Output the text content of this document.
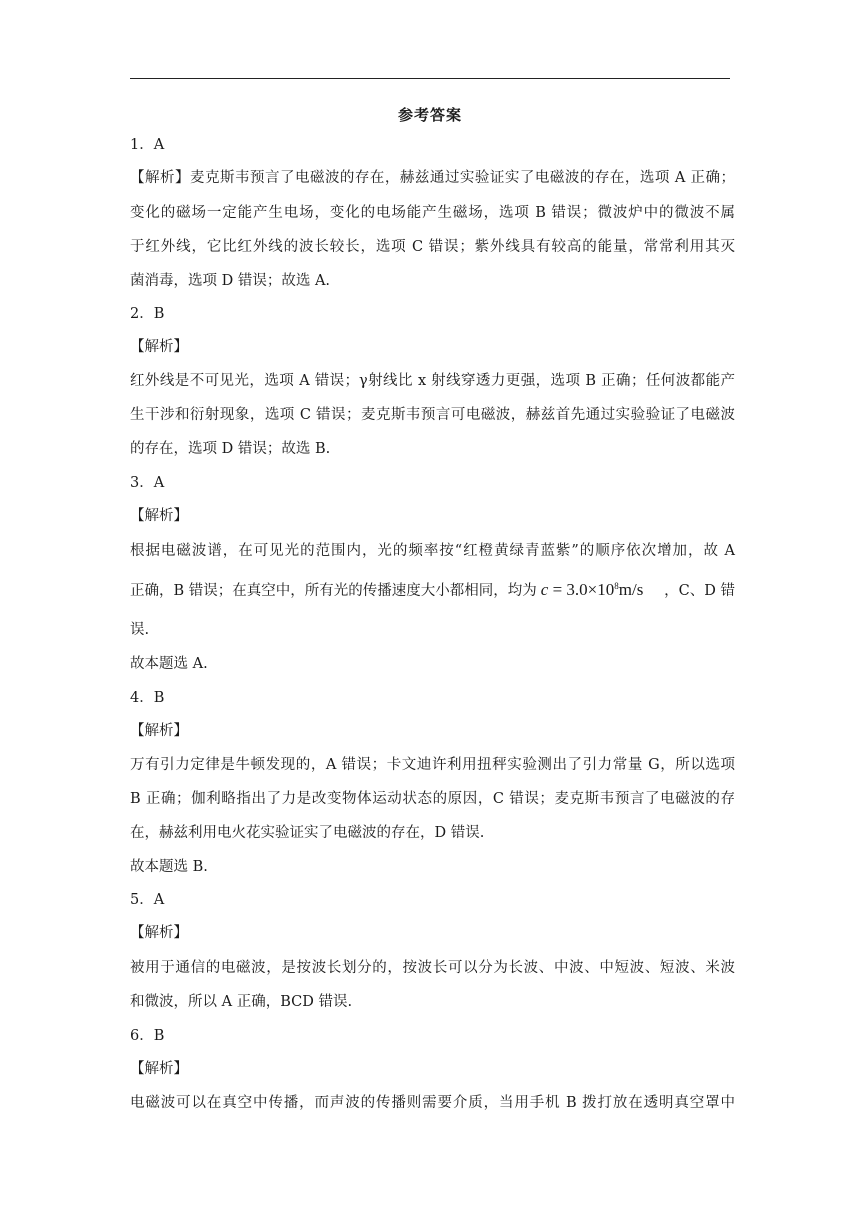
参考答案
1．A
【解析】麦克斯韦预言了电磁波的存在，赫兹通过实验证实了电磁波的存在，选项 A 正确；
变化的磁场一定能产生电场，变化的电场能产生磁场，选项 B 错误；微波炉中的微波不属
于红外线，它比红外线的波长较长，选项 C 错误；紫外线具有较高的能量，常常利用其灭
菌消毒，选项 D 错误；故选 A.
2．B
【解析】
红外线是不可见光，选项 A 错误；γ射线比 x 射线穿透力更强，选项 B 正确；任何波都能产
生干涉和衍射现象，选项 C 错误；麦克斯韦预言可电磁波，赫兹首先通过实验验证了电磁波
的存在，选项 D 错误；故选 B.
3．A
【解析】
根据电磁波谱，在可见光的范围内，光的频率按“红橙黄绿青蓝紫”的顺序依次增加，故 A
误.
故本题选 A.
4．B
【解析】
万有引力定律是牛顿发现的，A 错误；卡文迪许利用扭秤实验测出了引力常量 G，所以选项
B 正确；伽利略指出了力是改变物体运动状态的原因，C 错误；麦克斯韦预言了电磁波的存
在，赫兹利用电火花实验证实了电磁波的存在，D 错误.
故本题选 B.
5．A
【解析】
被用于通信的电磁波，是按波长划分的，按波长可以分为长波、中波、中短波、短波、米波
和微波，所以 A 正确，BCD 错误.
6．B
【解析】
电磁波可以在真空中传播，而声波的传播则需要介质，当用手机 B 拨打放在透明真空罩中
正确，B 错误；在真空中，所有光的传播速度大小都相同，均为 $c = 3.0\times 10^8m/s$ ，C、D 错
